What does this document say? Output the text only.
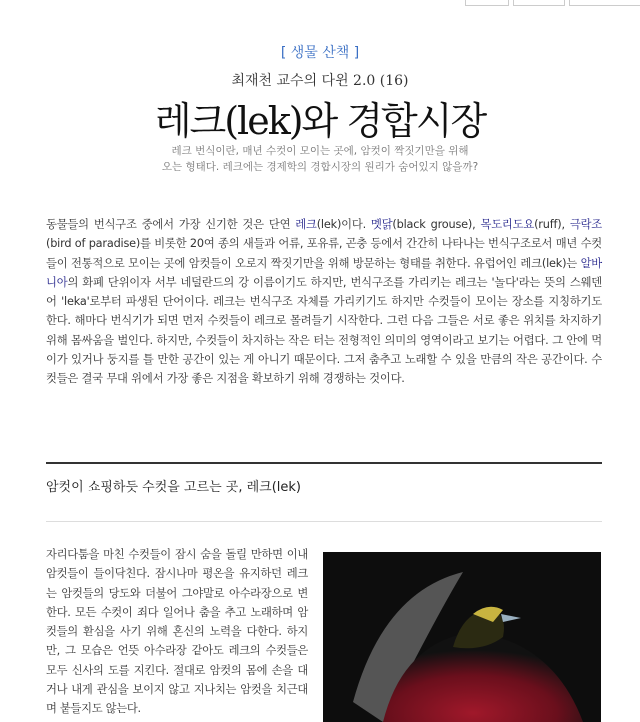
[ 생물 산책 ]
최재천 교수의 다윈 2.0 (16)
레크(lek)와 경합시장
레크 번식이란, 매년 수컷이 모이는 곳에, 암컷이 짝짓기만을 위해
오는 형태다. 레크에는 경제학의 경합시장의 원리가 숨어있지 않을까?
동물들의 번식구조 중에서 가장 신기한 것은 단연 레크(lek)이다. 멧닭(black grouse), 목도리도요(ruff), 극락조(bird of paradise)를 비롯한 20여 종의 새들과 어류, 포유류, 곤충 등에서 간간히 나타나는 번식구조로서 매년 수컷들이 전통적으로 모이는 곳에 암컷들이 오로지 짝짓기만을 위해 방문하는 형태를 취한다. 유럽어인 레크(lek)는 알바니아의 화폐 단위이자 서부 네덜란드의 강 이름이기도 하지만, 번식구조를 가리키는 레크는 '놀다'라는 뜻의 스웨덴어 'leka'로부터 파생된 단어이다. 레크는 번식구조 자체를 가리키기도 하지만 수컷들이 모이는 장소를 지칭하기도 한다. 해마다 번식기가 되면 먼저 수컷들이 레크로 몰려들기 시작한다. 그런 다음 그들은 서로 좋은 위치를 차지하기 위해 몸싸움을 벌인다. 하지만, 수컷들이 차지하는 작은 터는 전형적인 의미의 영역이라고 보기는 어렵다. 그 안에 먹이가 있거나 둥지를 틀 만한 공간이 있는 게 아니기 때문이다. 그저 춤추고 노래할 수 있을 만큼의 작은 공간이다. 수컷들은 결국 무대 위에서 가장 좋은 지점을 확보하기 위해 경쟁하는 것이다.
암컷이 쇼핑하듯 수컷을 고르는 곳, 레크(lek)
자리다툼을 마친 수컷들이 잠시 숨을 돌릴 만하면 이내 암컷들이 들이닥친다. 잠시나마 평온을 유지하던 레크는 암컷들의 당도와 더불어 그야말로 아수라장으로 변한다. 모든 수컷이 죄다 일어나 춤을 추고 노래하며 암컷들의 환심을 사기 위해 혼신의 노력을 다한다. 하지만, 그 모습은 언뜻 아수라장 같아도 레크의 수컷들은 모두 신사의 도를 지킨다. 절대로 암컷의 몸에 손을 대거나 내게 관심을 보이지 않고 지나치는 암컷을 치근대며 붙들지도 않는다.
